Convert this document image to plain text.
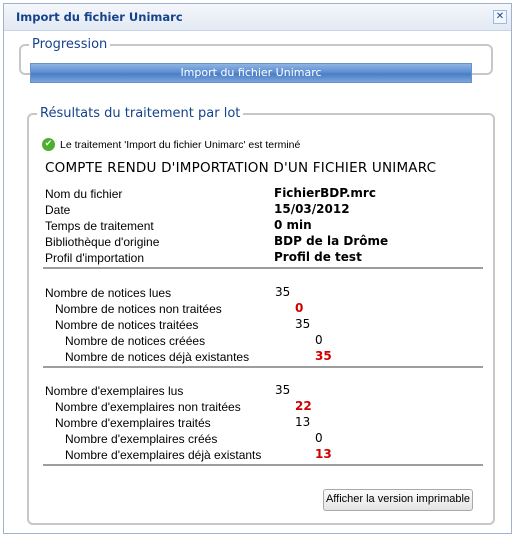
Import du fichier Unimarc	✕
Progression
Import du fichier Unimarc
Résultats du traitement par lot
✔ Le traitement 'Import du fichier Unimarc' est terminé
COMPTE RENDU D'IMPORTATION D'UN FICHIER UNIMARC
Nom du fichier	FichierBDP.mrc
Date	15/03/2012
Temps de traitement	0 min
Bibliothèque d'origine	BDP de la Drôme
Profil d'importation	Profil de test
Nombre de notices lues	35
Nombre de notices non traitées	0
Nombre de notices traitées	35
Nombre de notices créées	0
Nombre de notices déjà existantes	35
Nombre d'exemplaires lus	35
Nombre d'exemplaires non traitées	22
Nombre d'exemplaires traités	13
Nombre d'exemplaires créés	0
Nombre d'exemplaires déjà existants	13
Afficher la version imprimable
